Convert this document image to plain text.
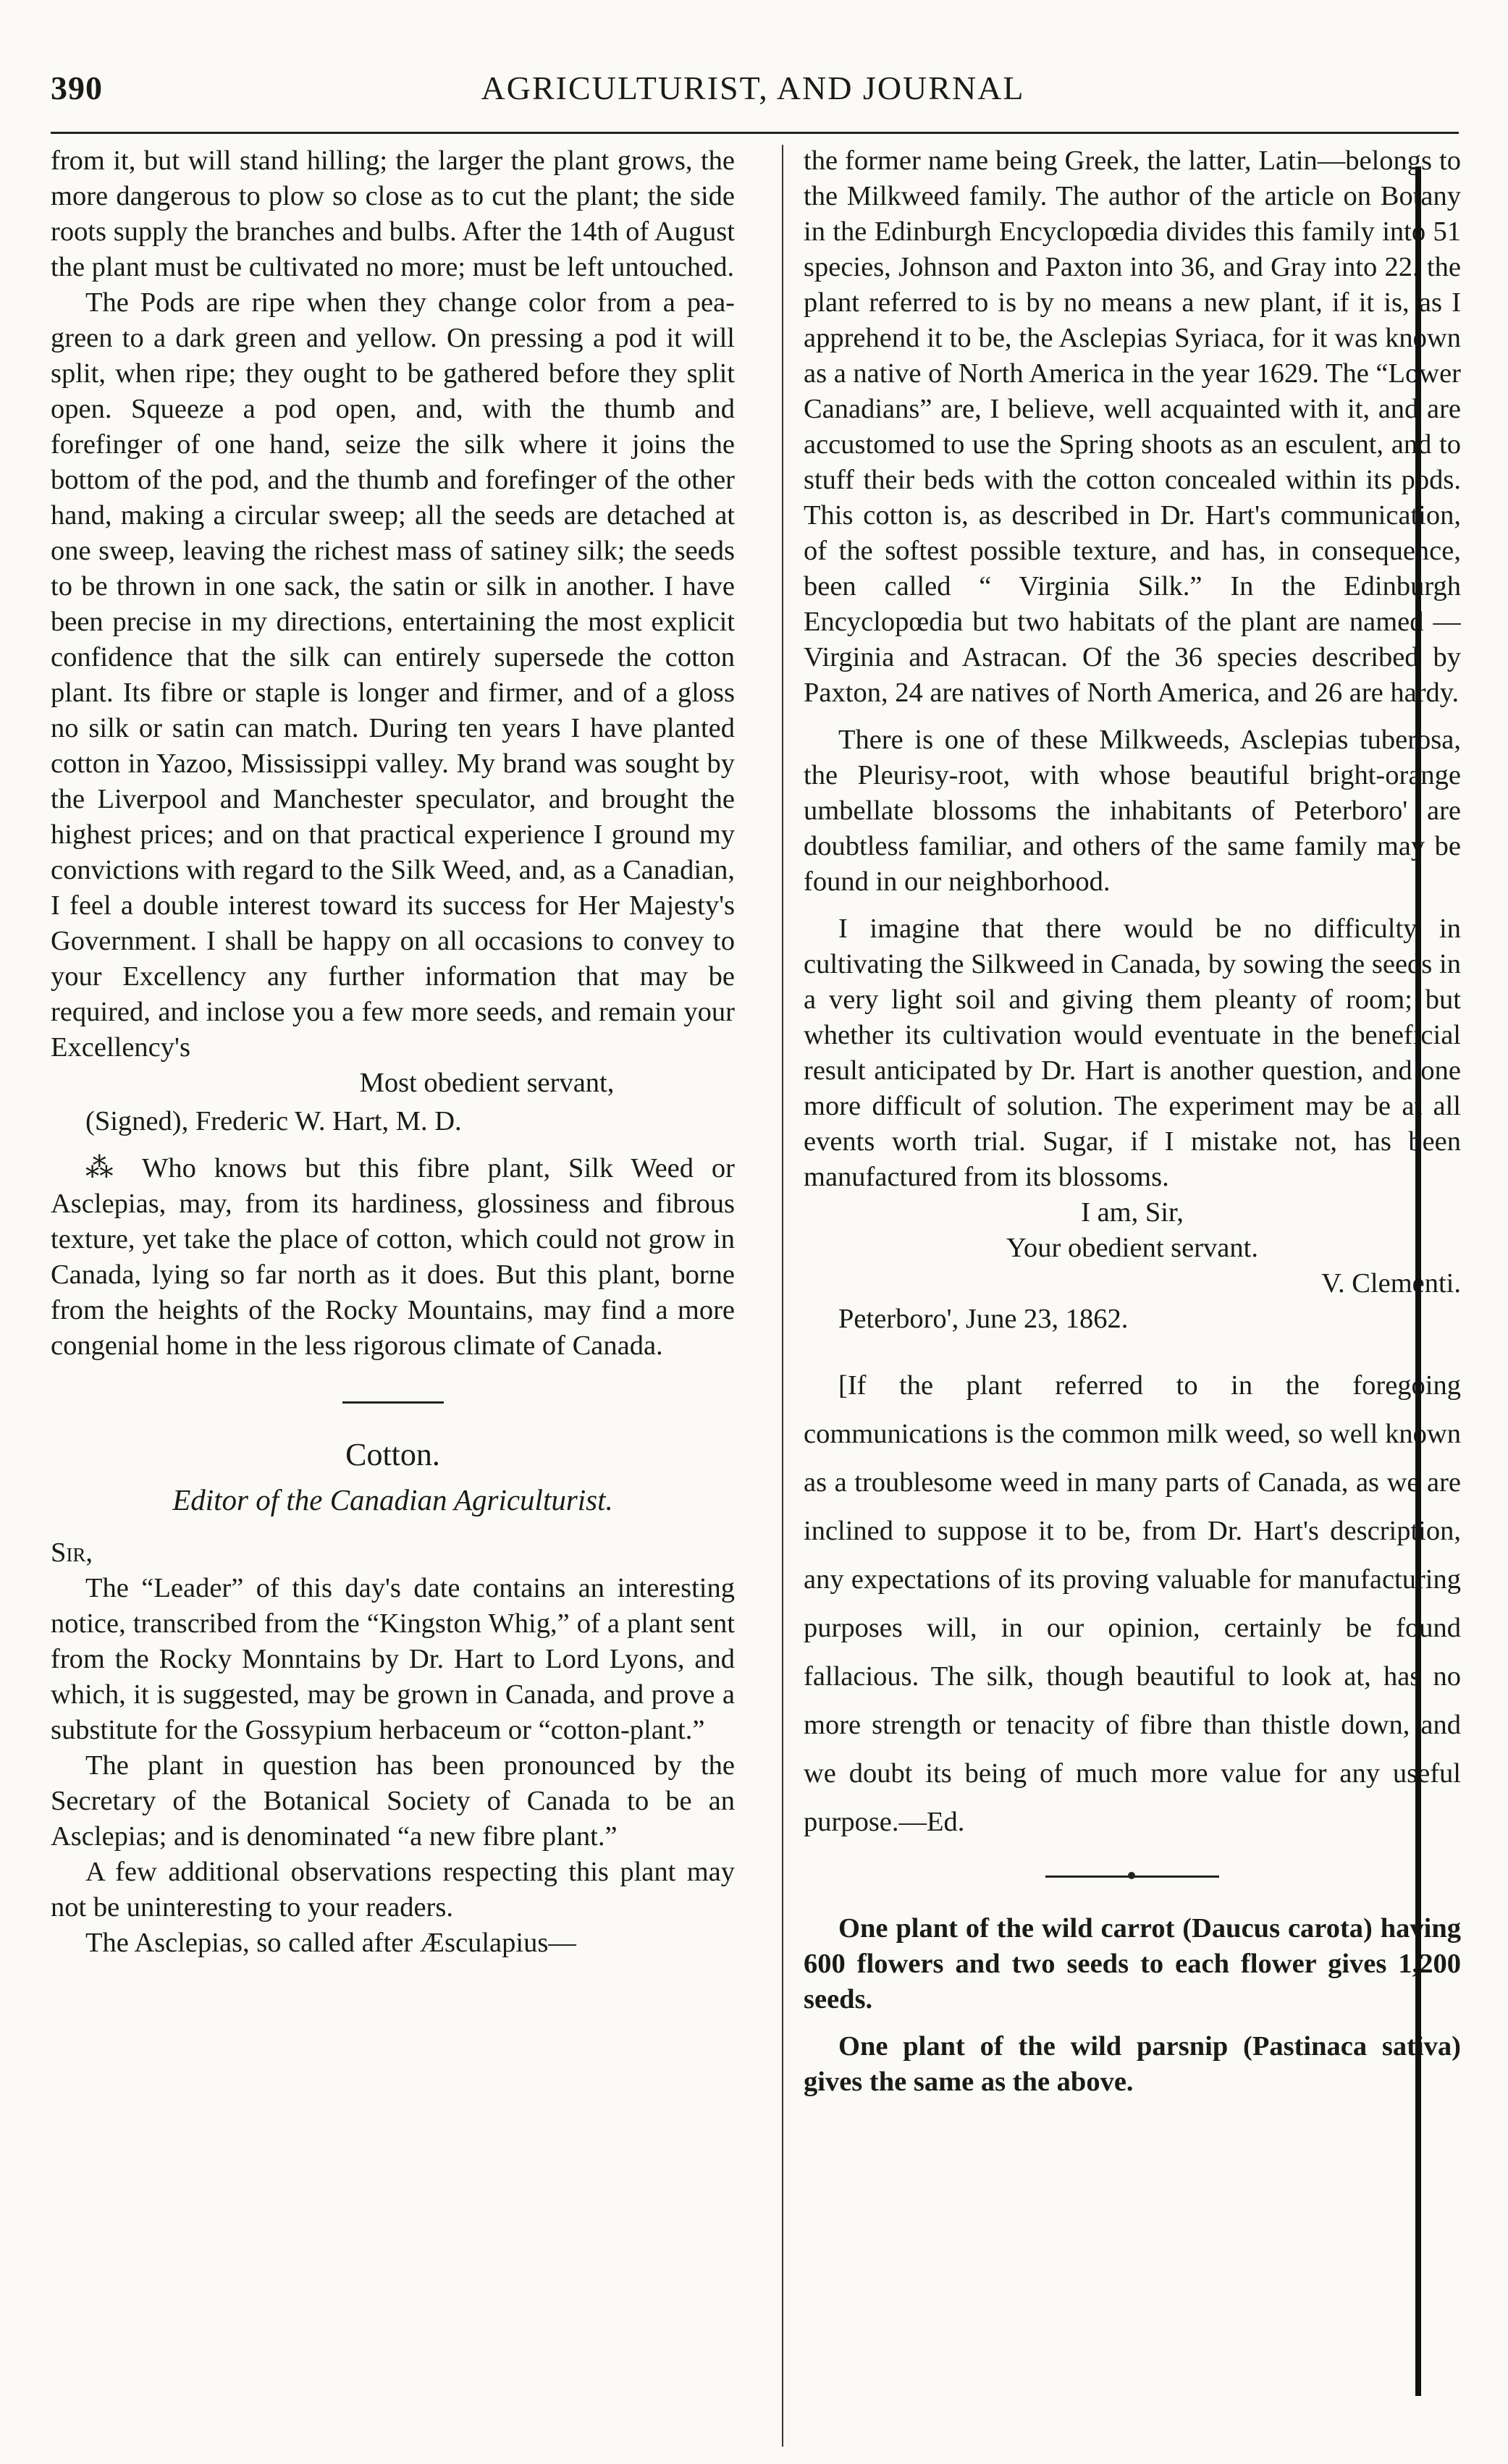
390	AGRICULTURIST, AND JOURNAL

from it, but will stand hilling; the larger the plant grows, the more dangerous to plow so close as to cut the plant; the side roots supply the branches and bulbs. After the 14th of August the plant must be cultivated no more; must be left untouched.

The Pods are ripe when they change color from a pea-green to a dark green and yellow. On pressing a pod it will split, when ripe; they ought to be gathered before they split open. Squeeze a pod open, and, with the thumb and forefinger of one hand, seize the silk where it joins the bottom of the pod, and the thumb and forefinger of the other hand, making a circular sweep; all the seeds are detached at one sweep, leaving the richest mass of satiney silk; the seeds to be thrown in one sack, the satin or silk in another. I have been precise in my directions, entertaining the most explicit confidence that the silk can entirely supersede the cotton plant. Its fibre or staple is longer and firmer, and of a gloss no silk or satin can match. During ten years I have planted cotton in Yazoo, Mississippi valley. My brand was sought by the Liverpool and Manchester speculator, and brought the highest prices; and on that practical experience I ground my convictions with regard to the Silk Weed, and, as a Canadian, I feel a double interest toward its success for Her Majesty's Government. I shall be happy on all occasions to convey to your Excellency any further information that may be required, and inclose you a few more seeds, and remain your Excellency's

Most obedient servant,

(Signed), Frederic W. Hart, M. D.

⁂ Who knows but this fibre plant, Silk Weed or Asclepias, may, from its hardiness, glossiness and fibrous texture, yet take the place of cotton, which could not grow in Canada, lying so far north as it does. But this plant, borne from the heights of the Rocky Mountains, may find a more congenial home in the less rigorous climate of Canada.

Cotton.

Editor of the Canadian Agriculturist.

Sir,

The “Leader” of this day's date contains an interesting notice, transcribed from the “Kingston Whig,” of a plant sent from the Rocky Monntains by Dr. Hart to Lord Lyons, and which, it is suggested, may be grown in Canada, and prove a substitute for the Gossypium herbaceum or “cotton-plant.”

The plant in question has been pronounced by the Secretary of the Botanical Society of Canada to be an Asclepias; and is denominated “a new fibre plant.”

A few additional observations respecting this plant may not be uninteresting to your readers.

The Asclepias, so called after Æsculapius—

the former name being Greek, the latter, Latin—belongs to the Milkweed family. The author of the article on Botany in the Edinburgh Encyclopœdia divides this family into 51 species, Johnson and Paxton into 36, and Gray into 22. the plant referred to is by no means a new plant, if it is, as I apprehend it to be, the Asclepias Syriaca, for it was known as a native of North America in the year 1629. The “Lower Canadians” are, I believe, well acquainted with it, and are accustomed to use the Spring shoots as an esculent, and to stuff their beds with the cotton concealed within its pods. This cotton is, as described in Dr. Hart's communication, of the softest possible texture, and has, in consequence, been called “ Virginia Silk.” In the Edinburgh Encyclopœdia but two habitats of the plant are named — Virginia and Astracan. Of the 36 species described by Paxton, 24 are natives of North America, and 26 are hardy.

There is one of these Milkweeds, Asclepias tuberosa, the Pleurisy-root, with whose beautiful bright-orange umbellate blossoms the inhabitants of Peterboro' are doubtless familiar, and others of the same family may be found in our neighborhood.

I imagine that there would be no difficulty in cultivating the Silkweed in Canada, by sowing the seeds in a very light soil and giving them pleanty of room; but whether its cultivation would eventuate in the beneficial result anticipated by Dr. Hart is another question, and one more difficult of solution. The experiment may be at all events worth trial. Sugar, if I mistake not, has been manufactured from its blossoms.

I am, Sir,

Your obedient servant.

V. Clementi.

Peterboro', June 23, 1862.

[If the plant referred to in the foregoing communications is the common milk weed, so well known as a troublesome weed in many parts of Canada, as we are inclined to suppose it to be, from Dr. Hart's description, any expectations of its proving valuable for manufacturing purposes will, in our opinion, certainly be found fallacious. The silk, though beautiful to look at, has no more strength or tenacity of fibre than thistle down, and we doubt its being of much more value for any useful purpose.—Ed.

One plant of the wild carrot (Daucus carota) having 600 flowers and two seeds to each flower gives 1,200 seeds.

One plant of the wild parsnip (Pastinaca sativa) gives the same as the above.
